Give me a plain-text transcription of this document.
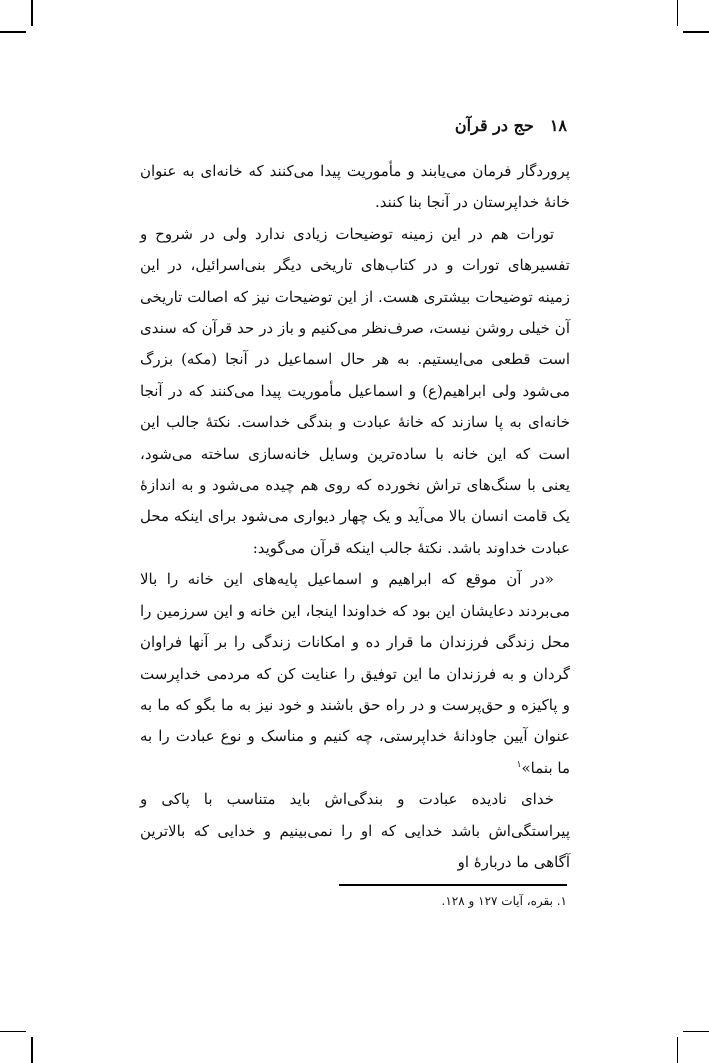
۱۸
حج در قرآن

پروردگار فرمان می‌یابند و مأموریت پیدا می‌کنند که خانه‌ای به عنوان خانهٔ خداپرستان در آنجا بنا کنند.

تورات هم در این زمینه توضیحات زیادی ندارد ولی در شروح و تفسیرهای تورات و در کتاب‌های تاریخی دیگر بنی‌اسرائیل، در این زمینه توضیحات بیشتری هست. از این توضیحات نیز که اصالت تاریخی آن خیلی روشن نیست، صرف‌نظر می‌کنیم و باز در حد قرآن که سندی است قطعی می‌ایستیم. به هر حال اسماعیل در آنجا (مکه) بزرگ می‌شود ولی ابراهیم(ع) و اسماعیل مأموریت پیدا می‌کنند که در آنجا خانه‌ای به پا سازند که خانهٔ عبادت و بندگی خداست. نکتهٔ جالب این است که این خانه با ساده‌ترین وسایل خانه‌سازی ساخته می‌شود، یعنی با سنگ‌های تراش نخورده که روی هم چیده می‌شود و به اندازهٔ یک قامت انسان بالا می‌آید و یک چهار دیواری می‌شود برای اینکه محل عبادت خداوند باشد. نکتهٔ جالب اینکه قرآن می‌گوید:

«در آن موقع که ابراهیم و اسماعیل پایه‌های این خانه را بالا می‌بردند دعایشان این بود که خداوندا اینجا، این خانه و این سرزمین را محل زندگی فرزندان ما قرار ده و امکانات زندگی را بر آنها فراوان گردان و به فرزندان ما این توفیق را عنایت کن که مردمی خداپرست و پاکیزه و حق‌پرست و در راه حق باشند و خود نیز به ما بگو که ما به عنوان آیین جاودانهٔ خداپرستی، چه کنیم و مناسک و نوع عبادت را به ما بنما»$^۱$

خدای نادیده عبادت و بندگی‌اش باید متناسب با پاکی و پیراستگی‌اش باشد خدایی که او را نمی‌بینیم و خدایی که بالاترین آگاهی ما دربارهٔ او

۱. بقره، آیات ۱۲۷ و ۱۲۸.
